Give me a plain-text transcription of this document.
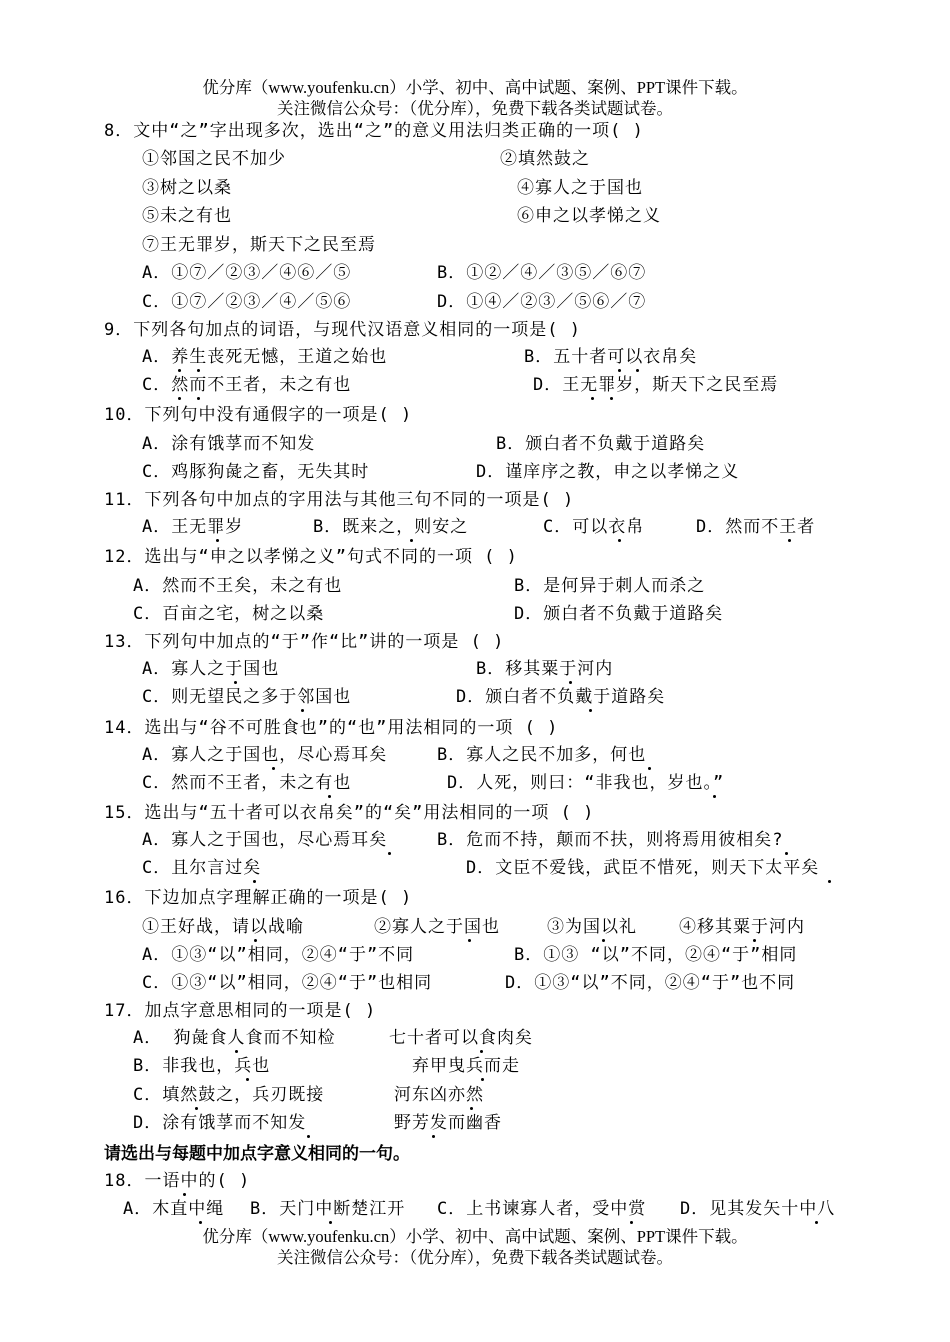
优分库（www.youfenku.cn）小学、初中、高中试题、案例、PPT课件下载。
关注微信公众号：（优分库），免费下载各类试题试卷。
8．文中“之”字出现多次，选出“之”的意义用法归类正确的一项( )
①邻国之民不加少	②填然鼓之
③树之以桑	④寡人之于国也
⑤未之有也	⑥申之以孝悌之义
⑦王无罪岁，斯天下之民至焉
A．①⑦／②③／④⑥／⑤	B．①②／④／③⑤／⑥⑦
C．①⑦／②③／④／⑤⑥	D．①④／②③／⑤⑥／⑦
9．下列各句加点的词语，与现代汉语意义相同的一项是( )
A．养生丧死无憾，王道之始也	B．五十者可以衣帛矣
C．然而不王者，未之有也	D．王无罪岁，斯天下之民至焉
10．下列句中没有通假字的一项是( )
A．涂有饿莩而不知发	B．颁白者不负戴于道路矣
C．鸡豚狗彘之畜，无失其时	D．谨庠序之教，申之以孝悌之义
11．下列各句中加点的字用法与其他三句不同的一项是( )
A．王无罪岁	B．既来之，则安之	C．可以衣帛	D．然而不王者
12．选出与“申之以孝悌之义”句式不同的一项 ( )
A．然而不王矣，未之有也	B．是何异于刺人而杀之
C．百亩之宅，树之以桑	D．颁白者不负戴于道路矣
13．下列句中加点的“于”作“比”讲的一项是 ( )
A．寡人之于国也	B．移其粟于河内
C．则无望民之多于邻国也	D．颁白者不负戴于道路矣
14．选出与“谷不可胜食也”的“也”用法相同的一项 ( )
A．寡人之于国也，尽心焉耳矣	B．寡人之民不加多，何也
C．然而不王者，未之有也	D．人死，则曰：“非我也，岁也。”
15．选出与“五十者可以衣帛矣”的“矣”用法相同的一项 ( )
A．寡人之于国也，尽心焉耳矣	B．危而不持，颠而不扶，则将焉用彼相矣?
C．且尔言过矣	D．文臣不爱钱，武臣不惜死，则天下太平矣
16．下边加点字理解正确的一项是( )
①王好战，请以战喻	②寡人之于国也	③为国以礼 ④移其粟于河内
A．①③“以”相同，②④“于”不同	B．①③ “以”不同，②④“于”相同
C．①③“以”相同，②④“于”也相同	D．①③“以”不同，②④“于”也不同
17．加点字意思相同的一项是( )
A． 狗彘食人食而不知检	七十者可以食肉矣
B．非我也，兵也	弃甲曳兵而走
C．填然鼓之，兵刃既接	河东凶亦然
D．涂有饿莩而不知发	野芳发而幽香
请选出与每题中加点字意义相同的一句。
18．一语中的( )
A．木直中绳 B．天门中断楚江开 C．上书谏寡人者，受中赏 D．见其发矢十中八
优分库（www.youfenku.cn）小学、初中、高中试题、案例、PPT课件下载。
关注微信公众号：（优分库），免费下载各类试题试卷。
